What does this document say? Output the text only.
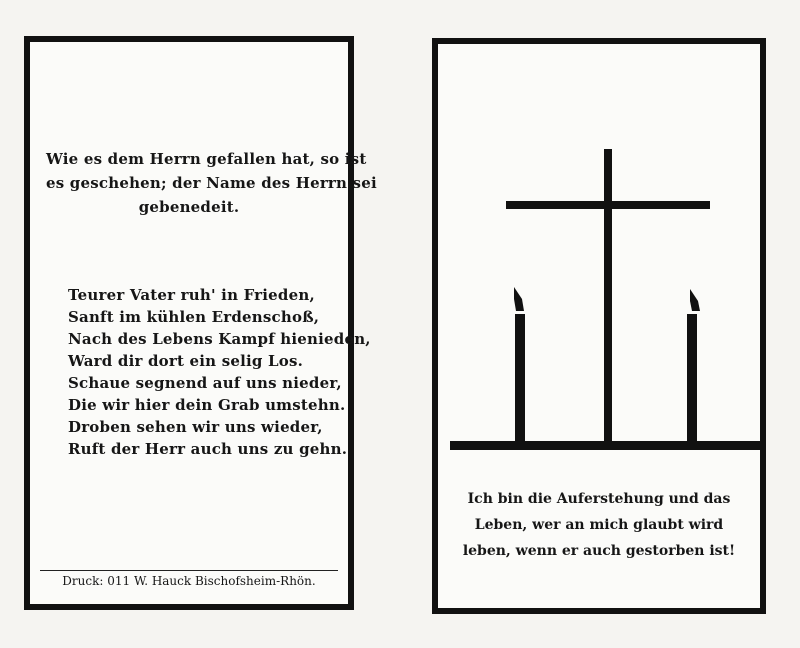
Wie es dem Herrn gefallen hat, so ist
es geschehen; der Name des Herrn sei
gebenedeit.
Teurer Vater ruh' in Frieden,
Sanft im kühlen Erdenschoß,
Nach des Lebens Kampf hienieden,
Ward dir dort ein selig Los.
Schaue segnend auf uns nieder,
Die wir hier dein Grab umstehn.
Droben sehen wir uns wieder,
Ruft der Herr auch uns zu gehn.
Druck: 011 W. Hauck Bischofsheim-Rhön.
Ich bin die Auferstehung und das
Leben, wer an mich glaubt wird
leben, wenn er auch gestorben ist!
